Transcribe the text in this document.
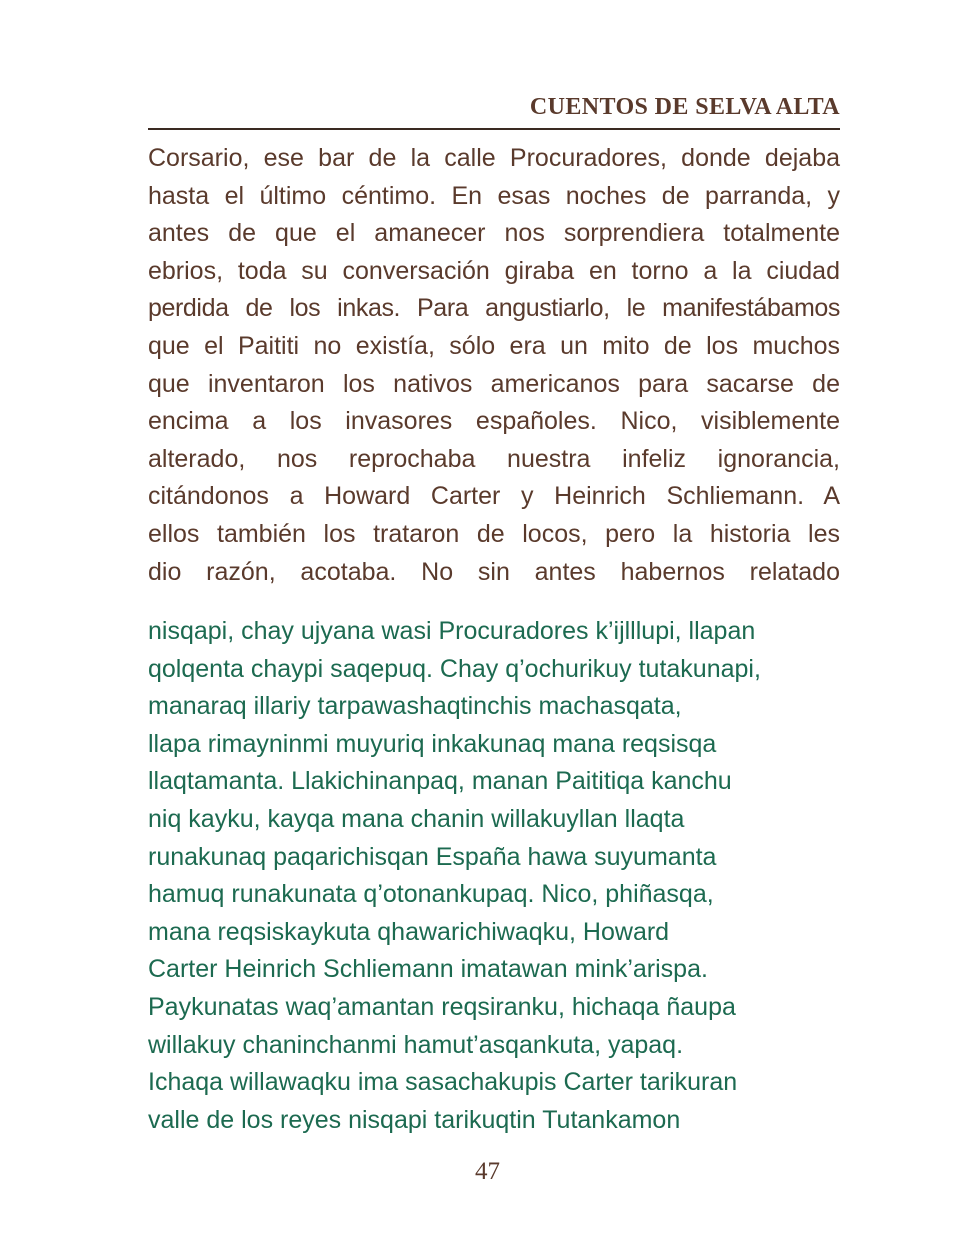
CUENTOS DE SELVA ALTA
Corsario, ese bar de la calle Procuradores, donde dejaba
hasta el último céntimo. En esas noches de parranda, y
antes de que el amanecer nos sorprendiera totalmente
ebrios, toda su conversación giraba en torno a la ciudad
perdida de los inkas. Para angustiarlo, le manifestábamos
que el Paititi no existía, sólo era un mito de los muchos
que inventaron los nativos americanos para sacarse de
encima a los invasores españoles. Nico, visiblemente
alterado, nos reprochaba nuestra infeliz ignorancia,
citándonos a Howard Carter y Heinrich Schliemann. A
ellos también los trataron de locos, pero la historia les
dio razón, acotaba. No sin antes habernos relatado
nisqapi, chay ujyana wasi Procuradores k’ijlllupi, llapan
qolqenta chaypi saqepuq. Chay q’ochurikuy tutakunapi,
manaraq illariy tarpawashaqtinchis machasqata,
llapa rimayninmi muyuriq inkakunaq mana reqsisqa
llaqtamanta. Llakichinanpaq, manan Paititiqa kanchu
niq kayku, kayqa mana chanin willakuyllan llaqta
runakunaq paqarichisqan España hawa suyumanta
hamuq runakunata q’otonankupaq. Nico, phiñasqa,
mana reqsiskaykuta qhawarichiwaqku, Howard
Carter Heinrich Schliemann imatawan mink’arispa.
Paykunatas waq’amantan reqsiranku, hichaqa ñaupa
willakuy chaninchanmi hamut’asqankuta, yapaq.
Ichaqa willawaqku ima sasachakupis Carter tarikuran
valle de los reyes nisqapi tarikuqtin Tutankamon
47
